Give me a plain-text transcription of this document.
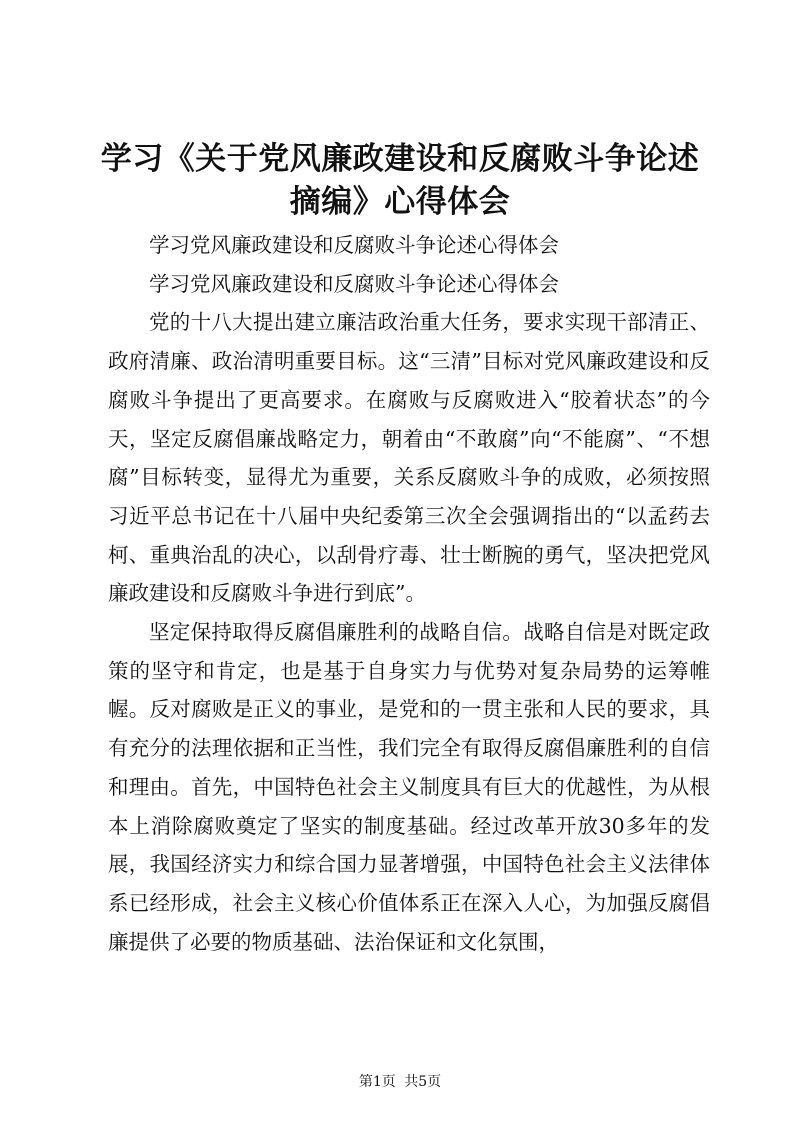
学习《关于党风廉政建设和反腐败斗争论述摘编》心得体会

学习党风廉政建设和反腐败斗争论述心得体会

学习党风廉政建设和反腐败斗争论述心得体会

党的十八大提出建立廉洁政治重大任务，要求实现干部清正、政府清廉、政治清明重要目标。这“三清”目标对党风廉政建设和反腐败斗争提出了更高要求。在腐败与反腐败进入“胶着状态”的今天，坚定反腐倡廉战略定力，朝着由“不敢腐”向“不能腐”、“不想腐”目标转变，显得尤为重要，关系反腐败斗争的成败，必须按照习近平总书记在十八届中央纪委第三次全会强调指出的“以孟药去柯、重典治乱的决心，以刮骨疗毒、壮士断腕的勇气，坚决把党风廉政建设和反腐败斗争进行到底”。

坚定保持取得反腐倡廉胜利的战略自信。战略自信是对既定政策的坚守和肯定，也是基于自身实力与优势对复杂局势的运筹帷幄。反对腐败是正义的事业，是党和的一贯主张和人民的要求，具有充分的法理依据和正当性，我们完全有取得反腐倡廉胜利的自信和理由。首先，中国特色社会主义制度具有巨大的优越性，为从根本上消除腐败奠定了坚实的制度基础。经过改革开放30多年的发展，我国经济实力和综合国力显著增强，中国特色社会主义法律体系已经形成，社会主义核心价值体系正在深入人心，为加强反腐倡廉提供了必要的物质基础、法治保证和文化氛围，

第1页 共5页
